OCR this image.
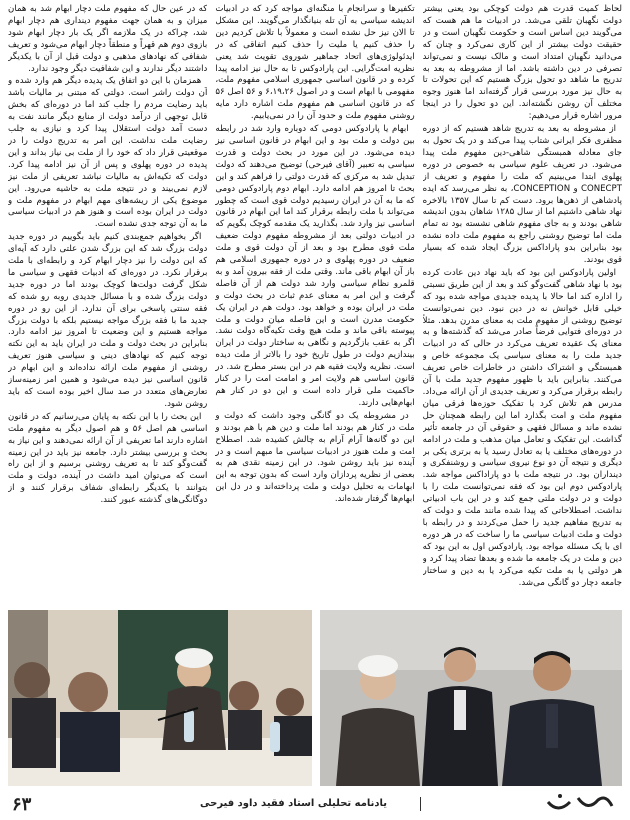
لحاظ کمیت قدرت هم دولت کوچکی بود یعنی بیشتر دولت نگهبان تلقی می‌شد. در ادبیات ما هم هست که می‌گویند دین اساس است و حکومت نگهبان است و در حقیقت دولت بیشتر از این کاری نمی‌کرد و چنان که می‌دانید نگهبان امتداد است و مالک نیست و نمی‌تواند تصرفی در دین داشته باشد. اما از مشروطه به بعد به تدریج ما شاهد دو تحول بزرگ هستیم که این تحولات تا به حال نیز مورد بررسی قرار گرفته‌اند اما هنوز وجوه مختلف آن روشن نگشته‌اند. این دو تحول را در اینجا مرور اشاره قرار می‌دهیم:

از مشروطه به بعد به تدریج شاهد هستیم که از دوره مظفری فکر ایرانی شتاب پیدا می‌کند و در یک تحول به جای معادله همبستگی شاهی-دین مفهوم ملت پیدا می‌شود. در تعریف علوم سیاسی به خصوص در دوره پهلوی ابتدا می‌بینیم که ملت را مفهوم و تعریف از CONECPT و CONCEPTION، به نظر می‌رسد که ایده پادشاهی از ذهن‌ها برود. دست کم تا سال ۱۳۵۷ بالاخره نهاد شاهی داشتیم اما از سال ۱۲۸۵ شاهان بدون اندیشه شاهی بودند و به جای مفهوم شاهی نشسته بود نه تمام ملت اما توضیح روشنی راجع به مفهوم ملت داده نشده بود بنابراین بدو پاراداکس بزرگ ایجاد شده که بسیار قوی بودند.

اولین پارادوکس این بود که باید نهاد دین عادت کرده بود با نهاد شاهی گفت‌وگو کند و بعد از این طریق نسبتی را اداره کند اما حالا با پدیده جدیدی مواجه شده بود که خیلی قابل خوانش نه در دین نبود. دین نمی‌توانست توضیح روشنی از مفهوم ملت به معنای مدرن بدهد. مثلاً در دوره‌ای فتوایی فرضاً صادر می‌شد که گذشته‌ها و به معنای یک عقیده تعریف می‌کرد در حالی که در ادبیات جدید ملت را به معنای سیاسی یک مجموعه خاص و همبستگی و اشتراک داشتن در خاطرات خاص تعریف می‌کنند. بنابراین باید با ظهور مفهوم جدید ملت با آن رابطه برقرار می‌کرد و تعریف جدیدی از آن ارائه می‌داد. مدرس هم تلاش کرد با تفکیک حوزه‌ها فرقی میان مفهوم ملت و امت بگذارد اما این رابطه همچنان حل نشده ماند و مسائل فقهی و حقوقی آن در جامعه تأثیر گذاشت. این تفکیک و تعامل میان مذهب و ملت در ادامه در دوره‌های مختلف یا به تعادل رسید یا به برتری یکی بر دیگری و نتیجه آن دو نوع نیروی سیاسی و روشنفکری و دینداران بود. در نتیجه ملت با دو پاراداکس مواجه شد. پارادوکس دوم این بود که فقه نمی‌توانست ملت را با دولت و در دولت ملتی جمع کند و در این باب ادبیاتی نداشت. اصطلاحاتی که پیدا شده مانند ملت و دولت که به تدریج مفاهیم جدید را حمل می‌کردند و در رابطه با دولت و ملت ادبیات سیاسی ما را ساخت که در هر دوره ای با یک مسئله مواجه بود. پارادوکس اول به این بود که دین و ملت در یک جامعه ما شده و بعدها تضاد پیدا کرد و هر دولتی یا به ملت تکیه می‌کرد یا به دین و ساختار جامعه دچار دو گانگی می‌شد.

تکفیرها و سرانجام با منگنه‌ای مواجه کرد که در ادبیات اندیشه سیاسی به آن تله بنیانگذار می‌گویند. این مشکل تا الان نیز حل نشده است و معمولاً با تلاش کردیم دین را حذف کنیم یا ملیت را حذف کنیم اتفاقی که در ایدئولوژی‌های اتحاد جماهیر شوروی تقویت شد یعنی نظریه امت‌گرایی. این پارادوکس تا به حال نیز ادامه پیدا کرده و در قانون اساسی جمهوری اسلامی مفهوم ملت، مفهومی با ابهام است و در اصول ۶،۱۹،۲۶ و ۵۶ اصل ۵۶ که در قانون اساسی هم مفهوم ملت اشاره دارد مایه روشنی مفهوم ملت و حدود آن را در نمی‌یابیم.

ابهام یا پارادوکس دومی که دوباره وارد شد در رابطه بین دولت و ملت بود و این ابهام در قانون اساسی نیز دیده می‌شود. در این مورد در بحث دولت و قدرت سیاسی به تعبیر (آقای فیرحی) توضیح می‌دهند که دولت تبدیل شد به مرکزی که قدرت دولتی را فراهم کند و این بحث تا امروز هم ادامه دارد. ابهام دوم پارادوکس دومی که ما به آن در ایران رسیدیم دولت قوی است که چطور می‌تواند با ملت رابطه برقرار کند اما این ابهام در قانون اساسی نیز وارد شد. بگذارید یک مقدمه کوچک بگویم که در ادبیات دولتی بعد از مشروطه مفهوم دولت ضعیف ملت قوی مطرح بود و بعد از آن دولت قوی و ملت ضعیف در دوره پهلوی و در دوره جمهوری اسلامی هم باز آن ابهام باقی ماند. وقتی ملت از فقه بیرون آمد و به قلمرو نظام سیاسی وارد شد دولت هم از آن فاصله گرفت و این امر به معنای عدم ثبات در بحث دولت و ملت در ایران بوده و خواهد بود. دولت هم در ایران یک حکومت مدرن است و این فاصله میان دولت و ملت پیوسته باقی ماند و ملت هیچ وقت تکیه‌گاه دولت نشد. اگر به عقب بازگردیم و نگاهی به ساختار دولت در ایران بیندازیم دولت در طول تاریخ خود را بالاتر از ملت دیده است. نظریه ولایت فقیه هم در این بستر مطرح شد. در قانون اساسی هم ولایت امر و امامت امت را در کنار حاکمیت ملی قرار داده است و این دو در کنار هم ابهام‌هایی دارند.

در مشروطه یک دو گانگی وجود داشت که دولت و ملت در کنار هم بودند اما ملت و دین هم با هم بودند و این دو گانه‌ها آرام آرام به چالش کشیده شد. اصطلاح امت و ملت هنوز در ادبیات سیاسی ما مبهم است و در آینده نیز باید روشن شود. در این زمینه نقدی هم به بعضی از نظریه پردازان وارد است که بدون توجه به این ابهامات به تحلیل دولت و ملت پرداخته‌اند و در دل این ابهام‌ها گرفتار شده‌اند.

که در عین حال که مفهوم ملت دچار ابهام شد به همان میزان و به همان جهت مفهوم دینداری هم دچار ابهام شد، چراکه در یک ملازمه اگر یک بار دچار ابهام شود بازوی دوم هم قهراً و منطقاً دچار ابهام می‌شود و تعریف شفافی که نهادهای مذهبی و دولت قبل از آن با یکدیگر داشتند دیگر ندارند و این شفافیت دیگر وجود ندارد.

همزمان با این دو اتفاق یک پدیده دیگر هم وارد شده و آن دولت راشر است. دولتی که مبتنی بر مالیات باشد باید رضایت مردم را جلب کند اما در دوره‌ای که بخش قابل توجهی از درآمد دولت از منابع دیگر مانند نفت به دست آمد دولت استقلال پیدا کرد و نیازی به جلب رضایت ملت نداشت. این امر به تدریج دولت را در موقعیتی قرار داد که خود را از ملت بی نیاز بداند و این پدیده در دوره پهلوی و پس از آن نیز ادامه پیدا کرد. دولت که تکیه‌اش به مالیات نباشد تعریفی از ملت نیز لازم نمی‌بیند و در نتیجه ملت به حاشیه می‌رود. این موضوع یکی از ریشه‌های مهم ابهام در مفهوم ملت و دولت در ایران بوده است و هنوز هم در ادبیات سیاسی ما به آن توجه جدی نشده است.

اگر بخواهیم جمع‌بندی کنیم باید بگوییم در دوره جدید دولت بزرگ شد که این بزرگ شدن علتی دارد که آیه‌ای که این دولت را نیز دچار ابهام کرد و رابطه‌ای با ملت برقرار نکرد. در دوره‌ای که ادبیات فقهی و سیاسی ما شکل گرفت دولت‌ها کوچک بودند اما در دوره جدید دولت بزرگ شده و با مسائل جدیدی روبه رو شده که فقه سنتی پاسخی برای آن ندارد. از این رو در دوره جدید ما با فقه بزرگ مواجه نیستیم بلکه با دولت بزرگ مواجه هستیم و این وضعیت تا امروز نیز ادامه دارد. بنابراین در بحث دولت و ملت در ایران باید به این نکته توجه کنیم که نهادهای دینی و سیاسی هنوز تعریف روشنی از مفهوم ملت ارائه نداده‌اند و این ابهام در قانون اساسی نیز دیده می‌شود و همین امر زمینه‌ساز تعارض‌های متعدد در صد سال اخیر بوده است که باید روشن شود.

این بحث را با این نکته به پایان می‌رسانیم که در قانون اساسی هم اصل ۵۶ و هم اصول دیگر به مفهوم ملت اشاره دارند اما تعریفی از آن ارائه نمی‌دهند و این نیاز به بحث و بررسی بیشتر دارد. جامعه نیز باید در این زمینه گفت‌وگو کند تا به تعریف روشنی برسیم و از این راه است که می‌توان امید داشت در آینده، دولت و ملت بتوانند با یکدیگر رابطه‌ای شفاف برقرار کنند و از دوگانگی‌های گذشته عبور کنند.

۶۳	یادنامه تحلیلی استاد فقید داود فیرحی
